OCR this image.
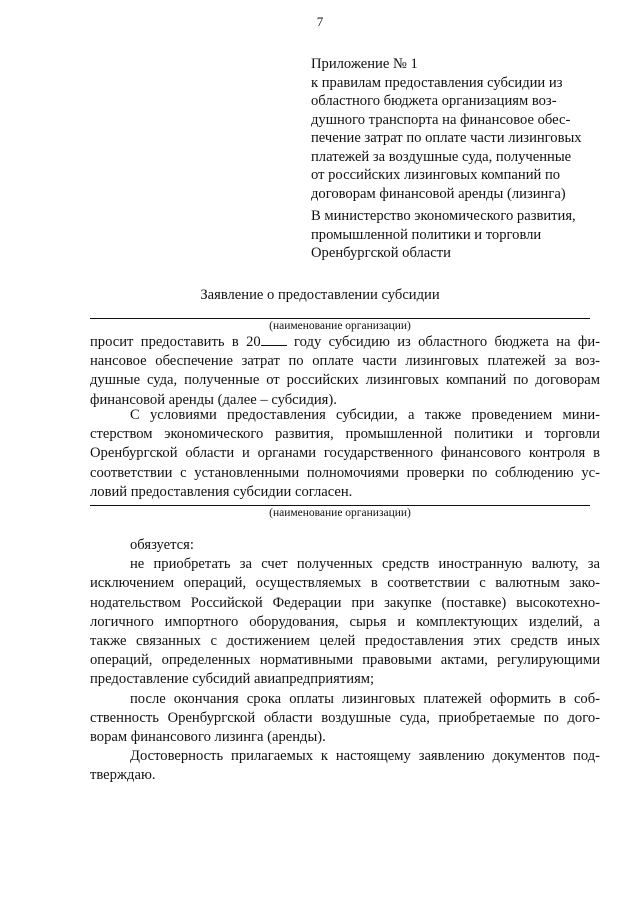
7
Приложение № 1
к правилам предоставления субсидии из
областного бюджета организациям воз-
душного транспорта на финансовое обес-
печение затрат по оплате части лизинговых
платежей за воздушные суда, полученные
от российских лизинговых компаний по
договорам финансовой аренды (лизинга)
В министерство экономического развития,
промышленной политики и торговли
Оренбургской области
Заявление о предоставлении субсидии
(наименование организации)
просит предоставить в 20 году субсидию из областного бюджета на фи-
нансовое обеспечение затрат по оплате части лизинговых платежей за воз-
душные суда, полученные от российских лизинговых компаний по договорам
финансовой аренды (далее – субсидия).
С условиями предоставления субсидии, а также проведением мини-
стерством экономического развития, промышленной политики и торговли
Оренбургской области и органами государственного финансового контроля в
соответствии с установленными полномочиями проверки по соблюдению ус-
ловий предоставления субсидии согласен.
(наименование организации)
обязуется:
не приобретать за счет полученных средств иностранную валюту, за
исключением операций, осуществляемых в соответствии с валютным зако-
нодательством Российской Федерации при закупке (поставке) высокотехно-
логичного импортного оборудования, сырья и комплектующих изделий, а
также связанных с достижением целей предоставления этих средств иных
операций, определенных нормативными правовыми актами, регулирующими
предоставление субсидий авиапредприятиям;
после окончания срока оплаты лизинговых платежей оформить в соб-
ственность Оренбургской области воздушные суда, приобретаемые по дого-
ворам финансового лизинга (аренды).
Достоверность прилагаемых к настоящему заявлению документов под-
тверждаю.
